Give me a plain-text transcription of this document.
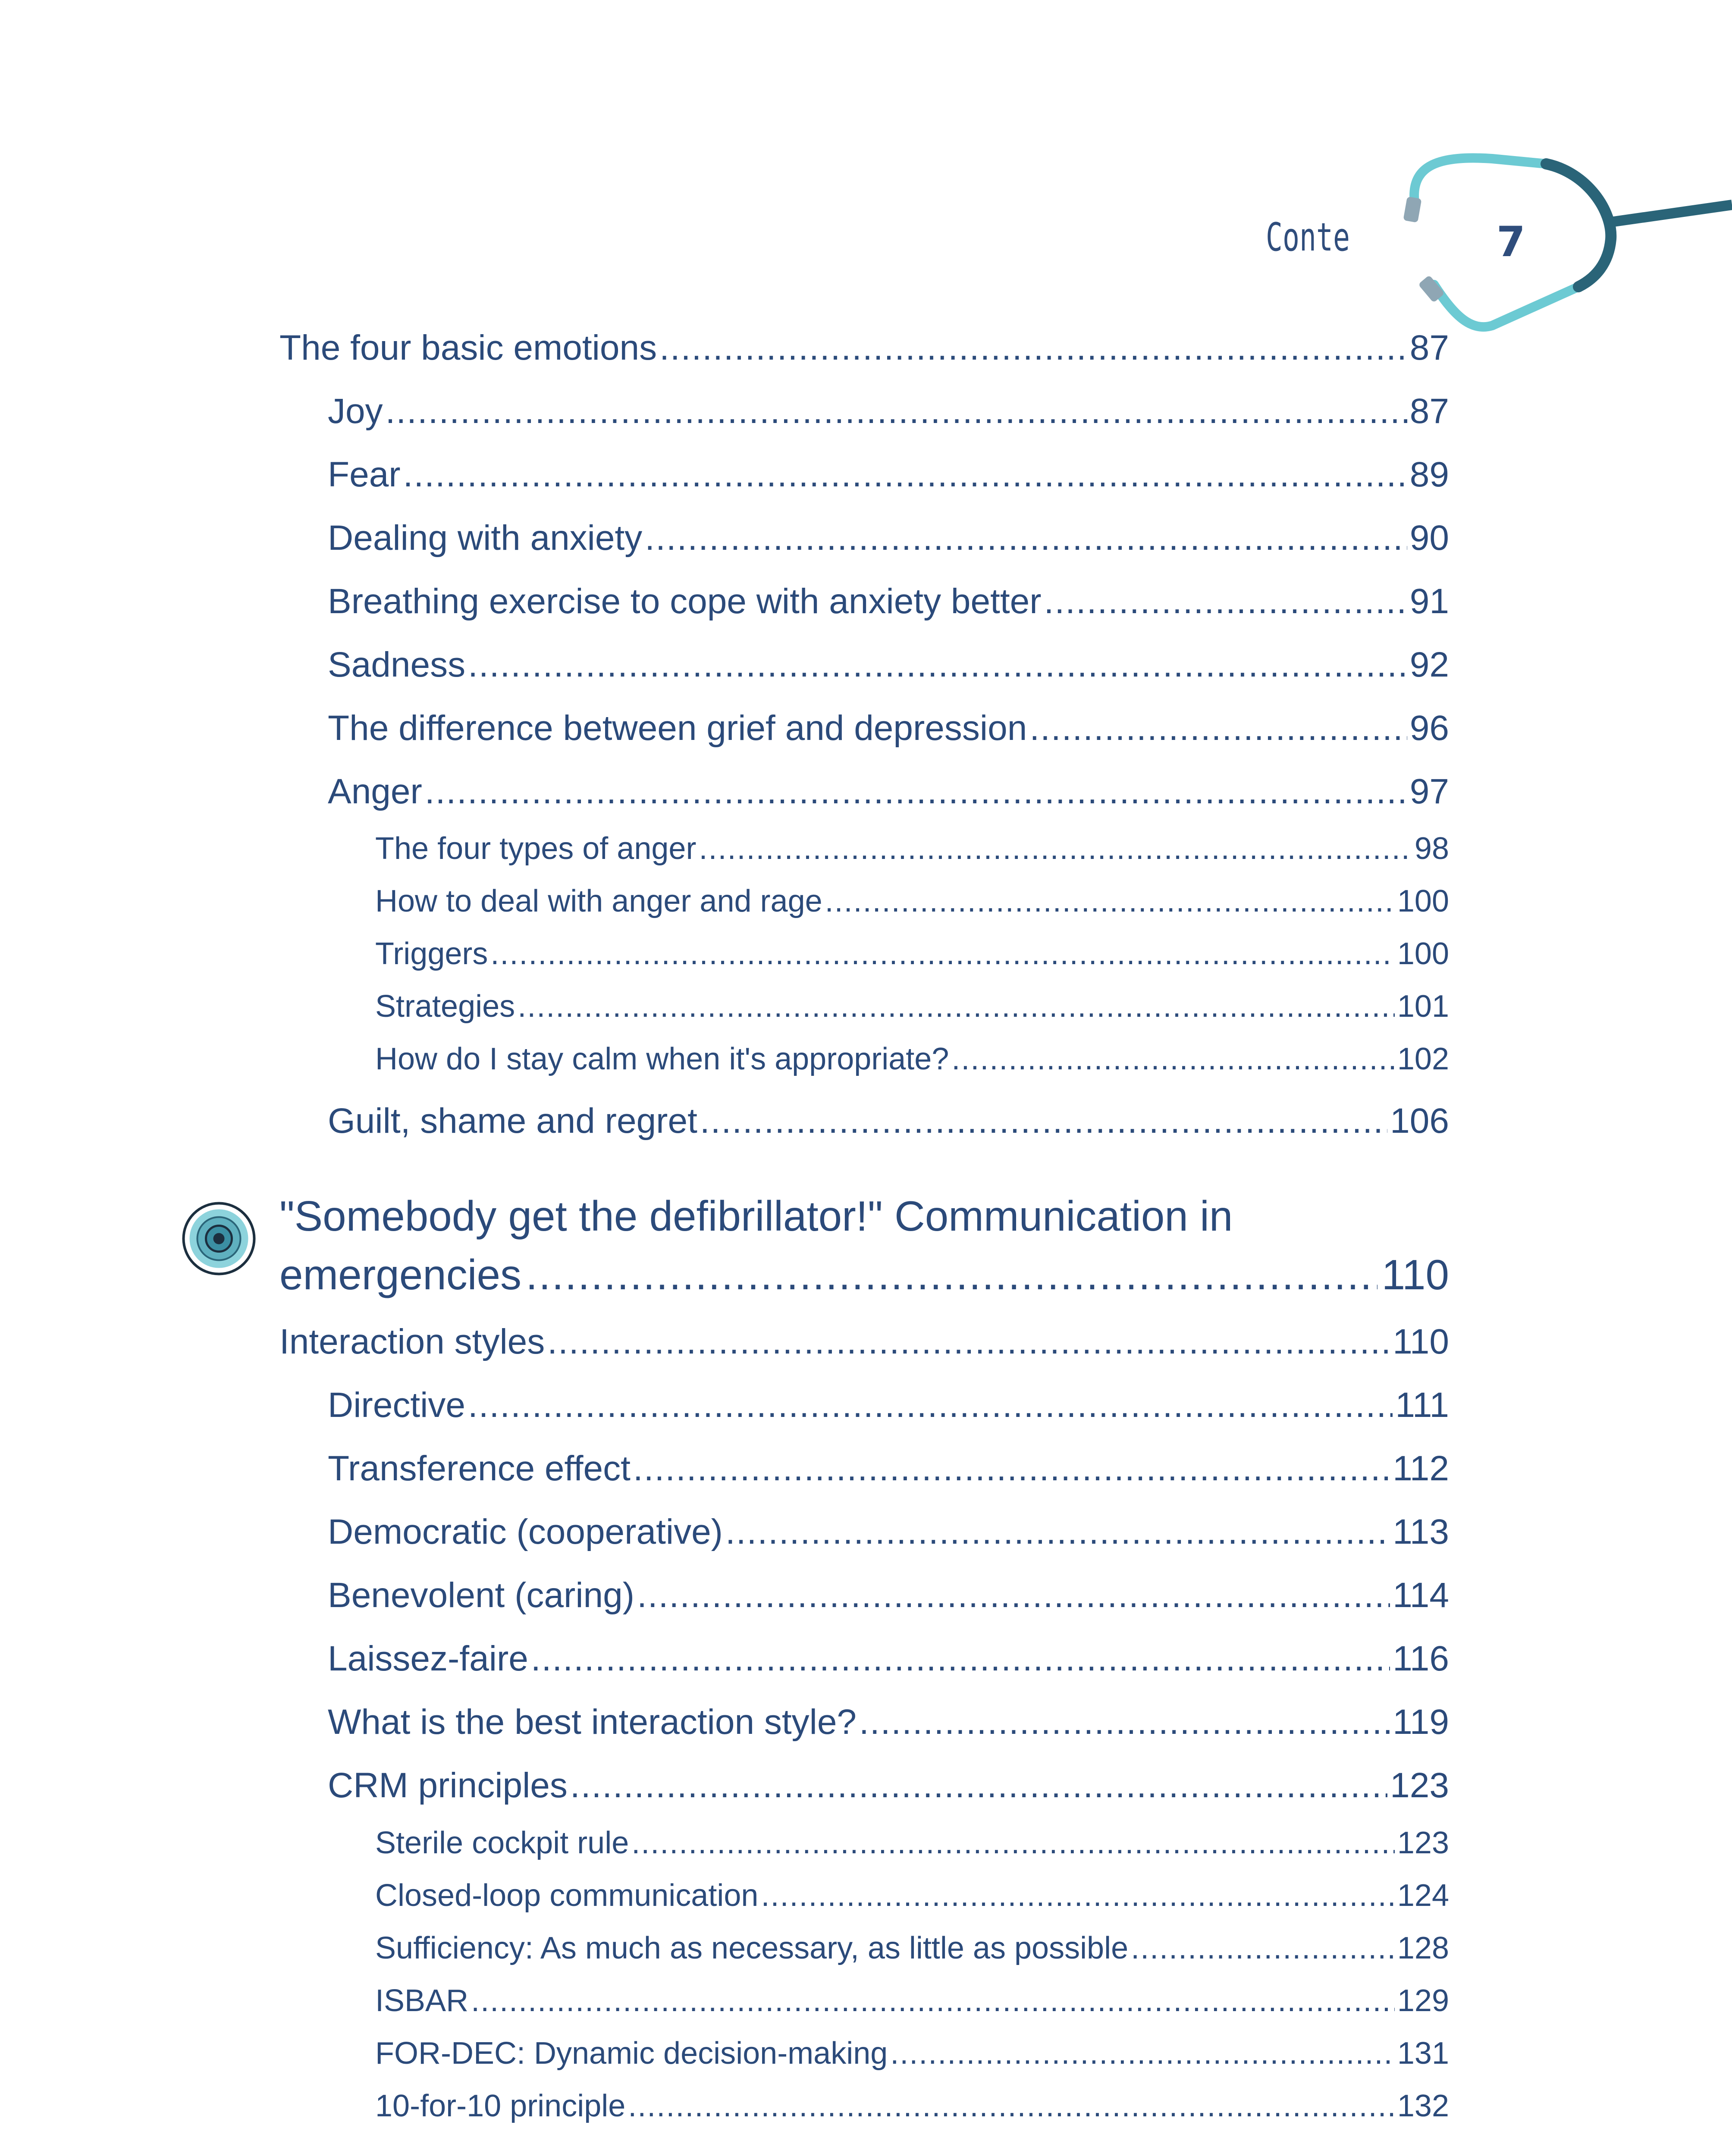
Conte	7
The four basic emotions .....	87
Joy .....	87
Fear .....	89
Dealing with anxiety .....	90
Breathing exercise to cope with anxiety better .....	91
Sadness .....	92
The difference between grief and depression .....	96
Anger .....	97
The four types of anger .....	98
How to deal with anger and rage .....	100
Triggers .....	100
Strategies .....	101
How do I stay calm when it's appropriate? .....	102
Guilt, shame and regret .....	106
"Somebody get the defibrillator!" Communication in
emergencies .....	110
Interaction styles .....	110
Directive .....	111
Transference effect .....	112
Democratic (cooperative) .....	113
Benevolent (caring) .....	114
Laissez-faire .....	116
What is the best interaction style? .....	119
CRM principles .....	123
Sterile cockpit rule .....	123
Closed-loop communication .....	124
Sufficiency: As much as necessary, as little as possible .....	128
ISBAR .....	129
FOR-DEC: Dynamic decision-making .....	131
10-for-10 principle .....	132
